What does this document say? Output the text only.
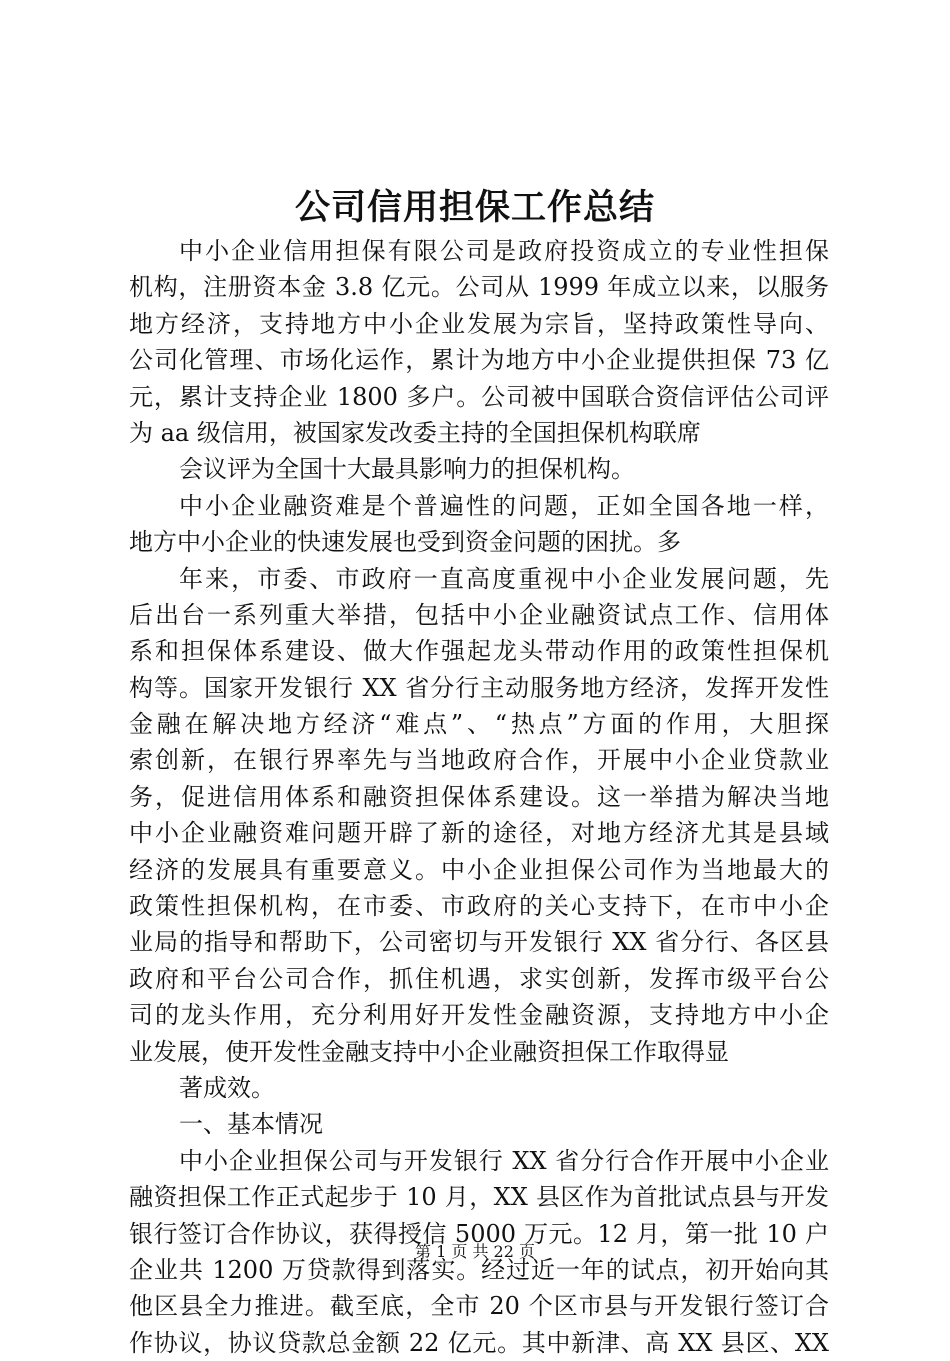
公司信用担保工作总结
中小企业信用担保有限公司是政府投资成立的专业性担保
机构，注册资本金 3.8 亿元。公司从 1999 年成立以来，以服务
地方经济，支持地方中小企业发展为宗旨，坚持政策性导向、
公司化管理、市场化运作，累计为地方中小企业提供担保 73 亿
元，累计支持企业 1800 多户。公司被中国联合资信评估公司评
为 aa 级信用，被国家发改委主持的全国担保机构联席
会议评为全国十大最具影响力的担保机构。
中小企业融资难是个普遍性的问题，正如全国各地一样，
地方中小企业的快速发展也受到资金问题的困扰。多
年来，市委、市政府一直高度重视中小企业发展问题，先
后出台一系列重大举措，包括中小企业融资试点工作、信用体
系和担保体系建设、做大作强起龙头带动作用的政策性担保机
构等。国家开发银行 XX 省分行主动服务地方经济，发挥开发性
金融在解决地方经济“难点”、“热点”方面的作用，大胆探
索创新，在银行界率先与当地政府合作，开展中小企业贷款业
务，促进信用体系和融资担保体系建设。这一举措为解决当地
中小企业融资难问题开辟了新的途径，对地方经济尤其是县域
经济的发展具有重要意义。中小企业担保公司作为当地最大的
政策性担保机构，在市委、市政府的关心支持下，在市中小企
业局的指导和帮助下，公司密切与开发银行 XX 省分行、各区县
政府和平台公司合作，抓住机遇，求实创新，发挥市级平台公
司的龙头作用，充分利用好开发性金融资源，支持地方中小企
业发展，使开发性金融支持中小企业融资担保工作取得显
著成效。
一、基本情况
中小企业担保公司与开发银行 XX 省分行合作开展中小企业
融资担保工作正式起步于 10 月，XX 县区作为首批试点县与开发
银行签订合作协议，获得授信 5000 万元。12 月，第一批 10 户
企业共 1200 万贷款得到落实。经过近一年的试点，初开始向其
他区县全力推进。截至底，全市 20 个区市县与开发银行签订合
作协议，协议贷款总金额 22 亿元。其中新津、高 XX 县区、XX
第 1 页 共 22 页
